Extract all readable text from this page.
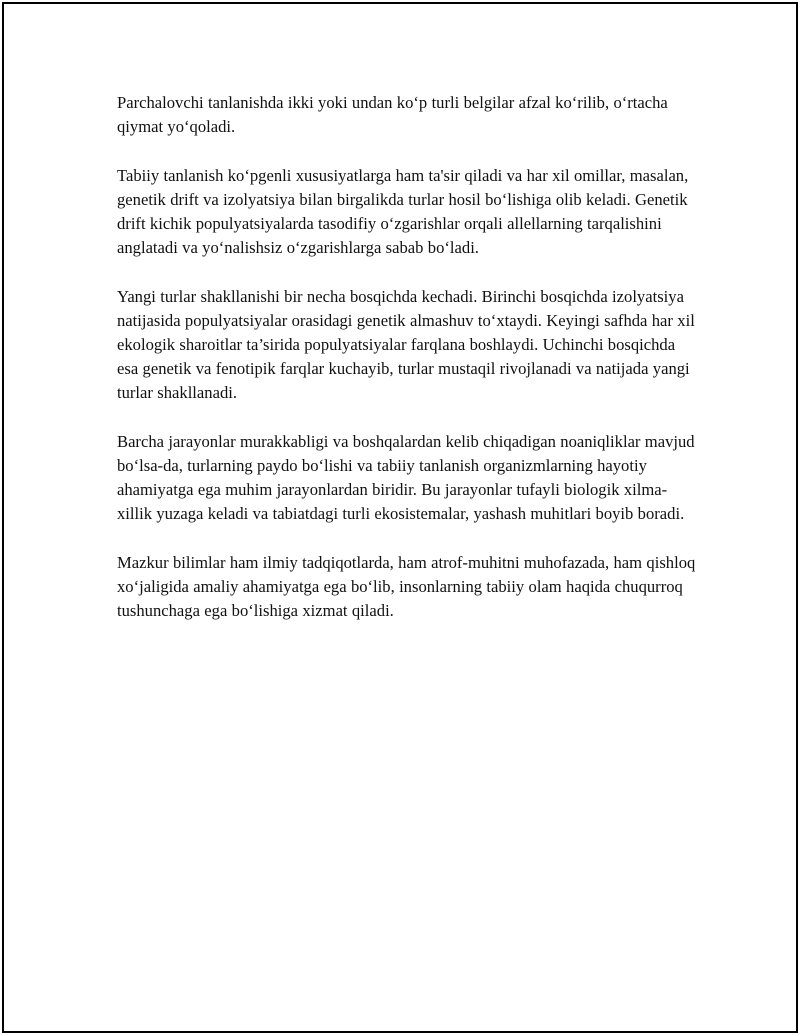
Parchalovchi tanlanishda ikki yoki undan ko‘p turli belgilar afzal ko‘rilib, o‘rtacha qiymat yo‘qoladi.

Tabiiy tanlanish ko‘pgenli xususiyatlarga ham ta'sir qiladi va har xil omillar, masalan, genetik drift va izolyatsiya bilan birgalikda turlar hosil bo‘lishiga olib keladi. Genetik drift kichik populyatsiyalarda tasodifiy o‘zgarishlar orqali allellarning tarqalishini anglatadi va yo‘nalishsiz o‘zgarishlarga sabab bo‘ladi.

Yangi turlar shakllanishi bir necha bosqichda kechadi. Birinchi bosqichda izolyatsiya natijasida populyatsiyalar orasidagi genetik almashuv to‘xtaydi. Keyingi safhda har xil ekologik sharoitlar ta’sirida populyatsiyalar farqlana boshlaydi. Uchinchi bosqichda esa genetik va fenotipik farqlar kuchayib, turlar mustaqil rivojlanadi va natijada yangi turlar shakllanadi.

Barcha jarayonlar murakkabligi va boshqalardan kelib chiqadigan noaniqliklar mavjud bo‘lsa-da, turlarning paydo bo‘lishi va tabiiy tanlanish organizmlarning hayotiy ahamiyatga ega muhim jarayonlardan biridir. Bu jarayonlar tufayli biologik xilma-xillik yuzaga keladi va tabiatdagi turli ekosistemalar, yashash muhitlari boyib boradi.

Mazkur bilimlar ham ilmiy tadqiqotlarda, ham atrof-muhitni muhofazada, ham qishloq xo‘jaligida amaliy ahamiyatga ega bo‘lib, insonlarning tabiiy olam haqida chuqurroq tushunchaga ega bo‘lishiga xizmat qiladi.
